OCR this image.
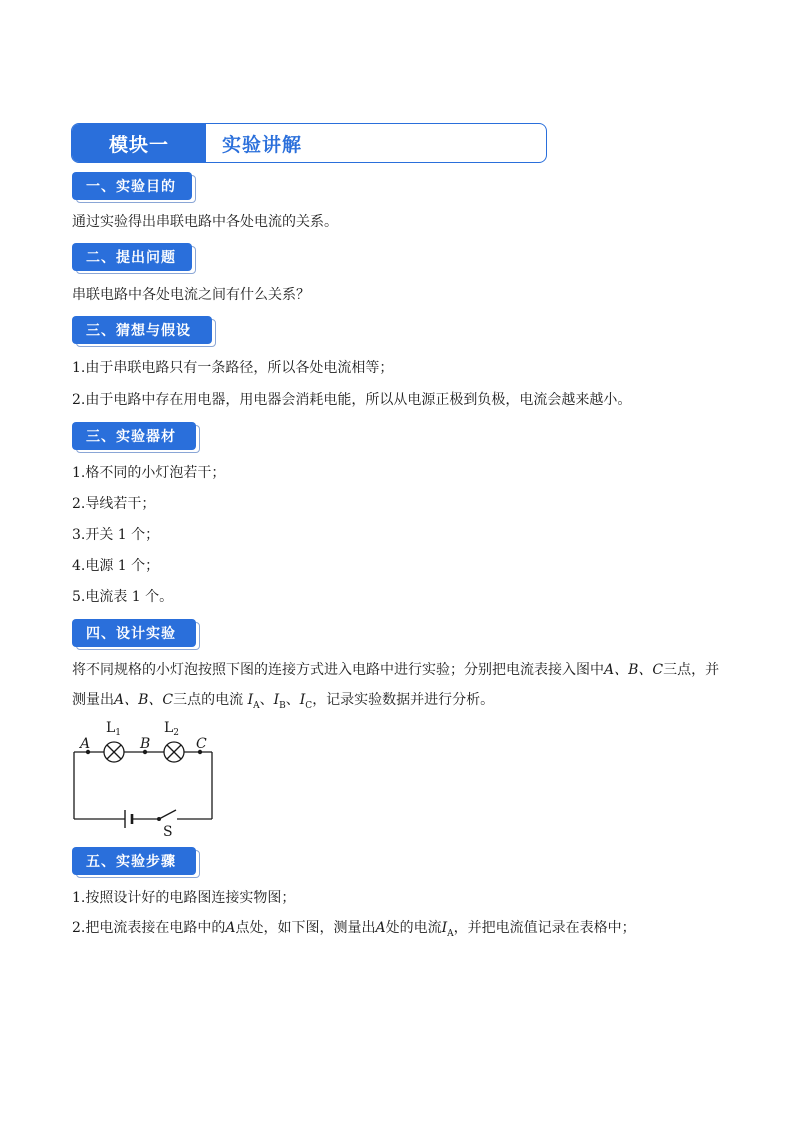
模块一	实验讲解
一、实验目的
通过实验得出串联电路中各处电流的关系。
二、提出问题
串联电路中各处电流之间有什么关系？
三、猜想与假设
1.由于串联电路只有一条路径，所以各处电流相等；
2.由于电路中存在用电器，用电器会消耗电能，所以从电源正极到负极，电流会越来越小。
三、实验器材
1.格不同的小灯泡若干；
2.导线若干；
3.开关 1 个；
4.电源 1 个；
5.电流表 1 个。
四、设计实验
将不同规格的小灯泡按照下图的连接方式进入电路中进行实验；分别把电流表接入图中A、B、C三点，并
测量出A、B、C三点的电流 $I_A$、$I_B$、$I_C$，记录实验数据并进行分析。
A	B	C
$L_1$	$L_2$
S
五、实验步骤
1.按照设计好的电路图连接实物图；
2.把电流表接在电路中的A点处，如下图，测量出A处的电流$I_A$，并把电流值记录在表格中；
